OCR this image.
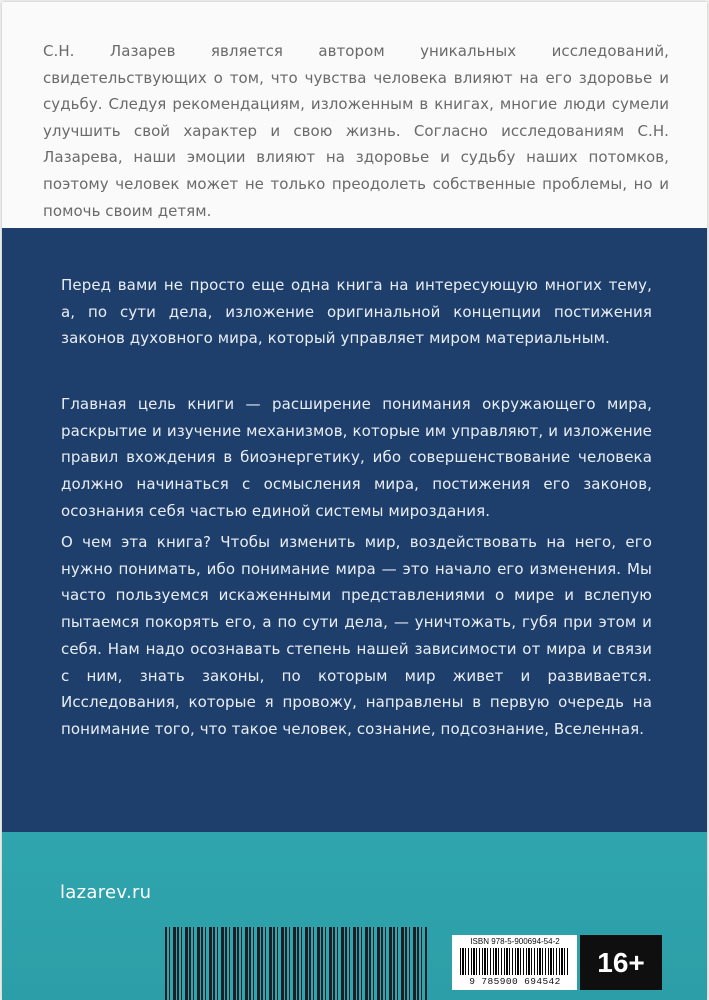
С.Н. Лазарев является автором уникальных исследований, свидетельствующих о том, что чувства человека влияют на его здоровье и судьбу. Следуя рекомендациям, изложенным в книгах, многие люди сумели улучшить свой характер и свою жизнь. Согласно исследованиям С.Н. Лазарева, наши эмоции влияют на здоровье и судьбу наших потомков, поэтому человек может не только преодолеть собственные проблемы, но и помочь своим детям.
Перед вами не просто еще одна книга на интересующую многих тему, а, по сути дела, изложение оригинальной концепции постижения законов духовного мира, который управляет миром материальным.
Главная цель книги — расширение понимания окружающего мира, раскрытие и изучение механизмов, которые им управляют, и изложение правил вхождения в биоэнергетику, ибо совершенствование человека должно начинаться с осмысления мира, постижения его законов, осознания себя частью единой системы мироздания.
О чем эта книга? Чтобы изменить мир, воздействовать на него, его нужно понимать, ибо понимание мира — это начало его изменения. Мы часто пользуемся искаженными представлениями о мире и вслепую пытаемся покорять его, а по сути дела, — уничтожать, губя при этом и себя. Нам надо осознавать степень нашей зависимости от мира и связи с ним, знать законы, по которым мир живет и развивается. Исследования, которые я провожу, направлены в первую очередь на понимание того, что такое человек, сознание, подсознание, Вселенная.
lazarev.ru
ISBN 978-5-900694-54-2
9 785900 694542
16+
